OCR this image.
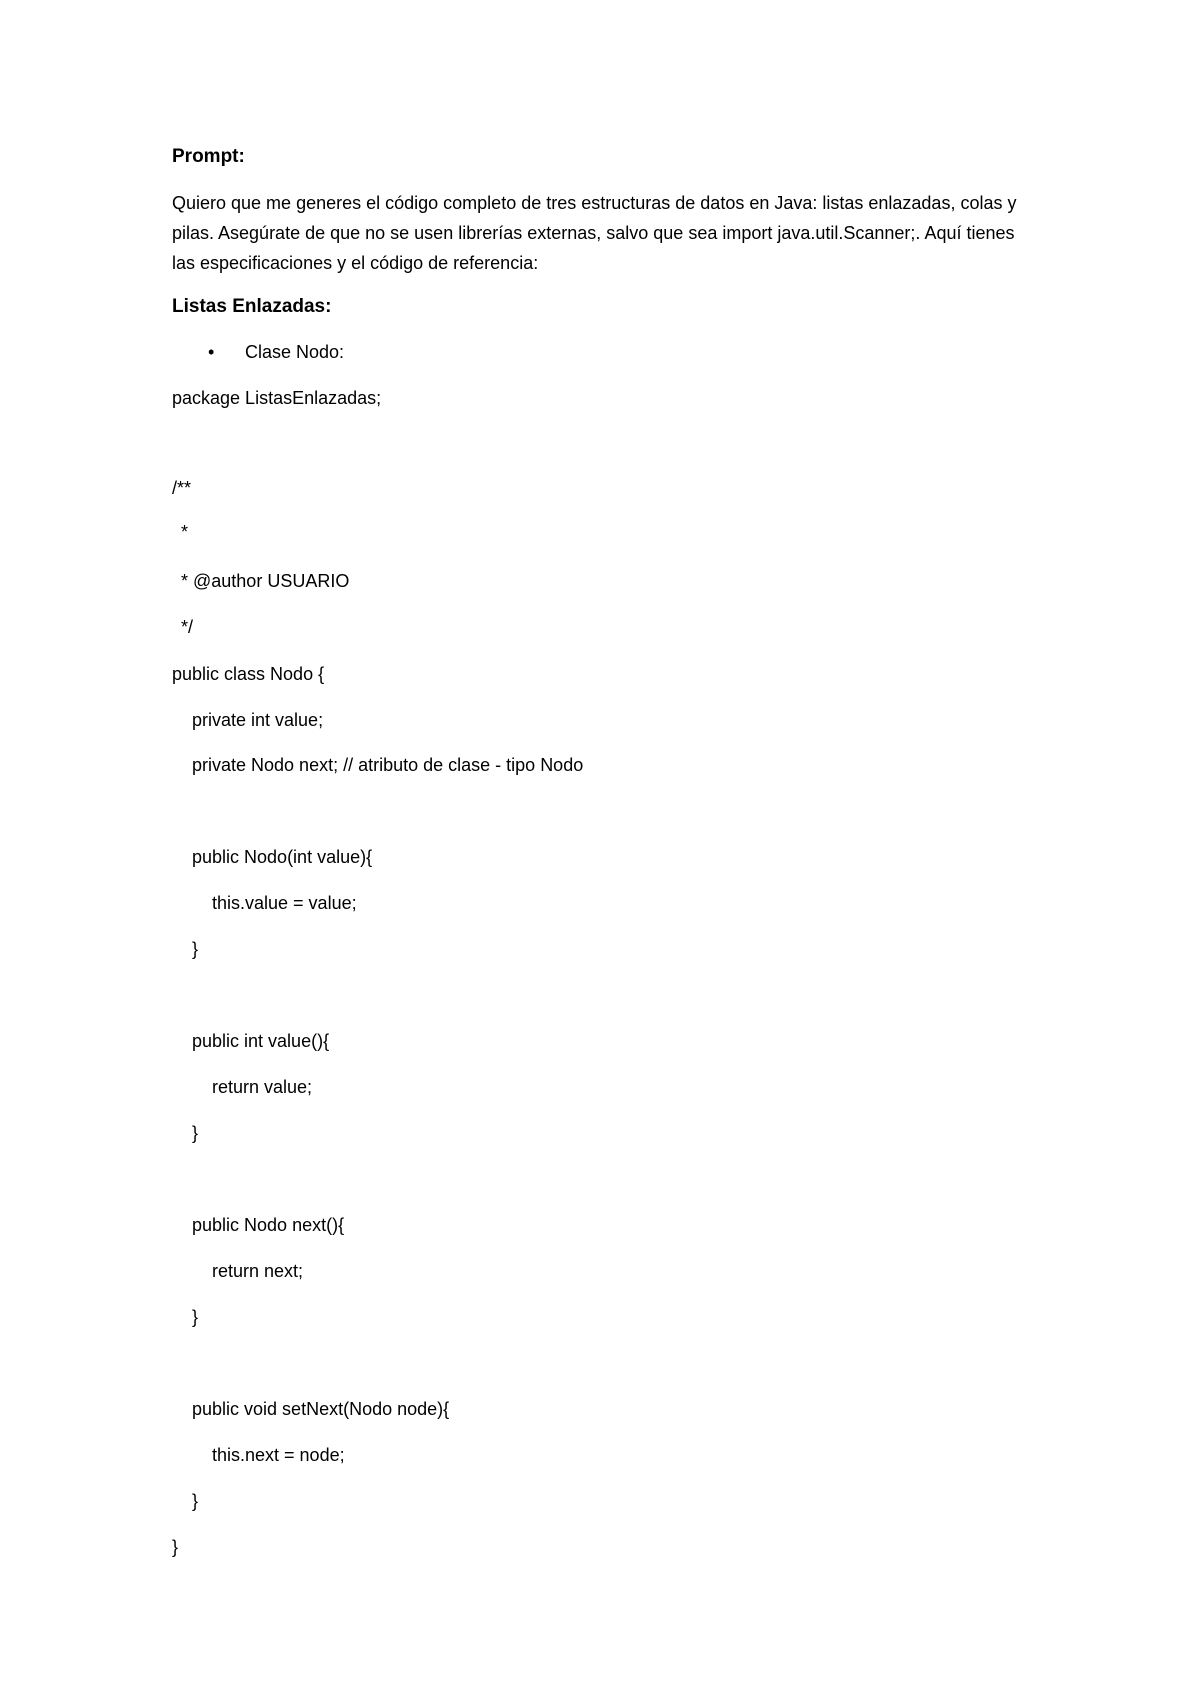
Prompt:
Quiero que me generes el código completo de tres estructuras de datos en Java: listas enlazadas, colas y pilas. Asegúrate de que no se usen librerías externas, salvo que sea import java.util.Scanner;. Aquí tienes las especificaciones y el código de referencia:
Listas Enlazadas:
• Clase Nodo:
package ListasEnlazadas;
/**
*
* @author USUARIO
*/
public class Nodo {
private int value;
private Nodo next; // atributo de clase - tipo Nodo
public Nodo(int value){
this.value = value;
}
public int value(){
return value;
}
public Nodo next(){
return next;
}
public void setNext(Nodo node){
this.next = node;
}
}
